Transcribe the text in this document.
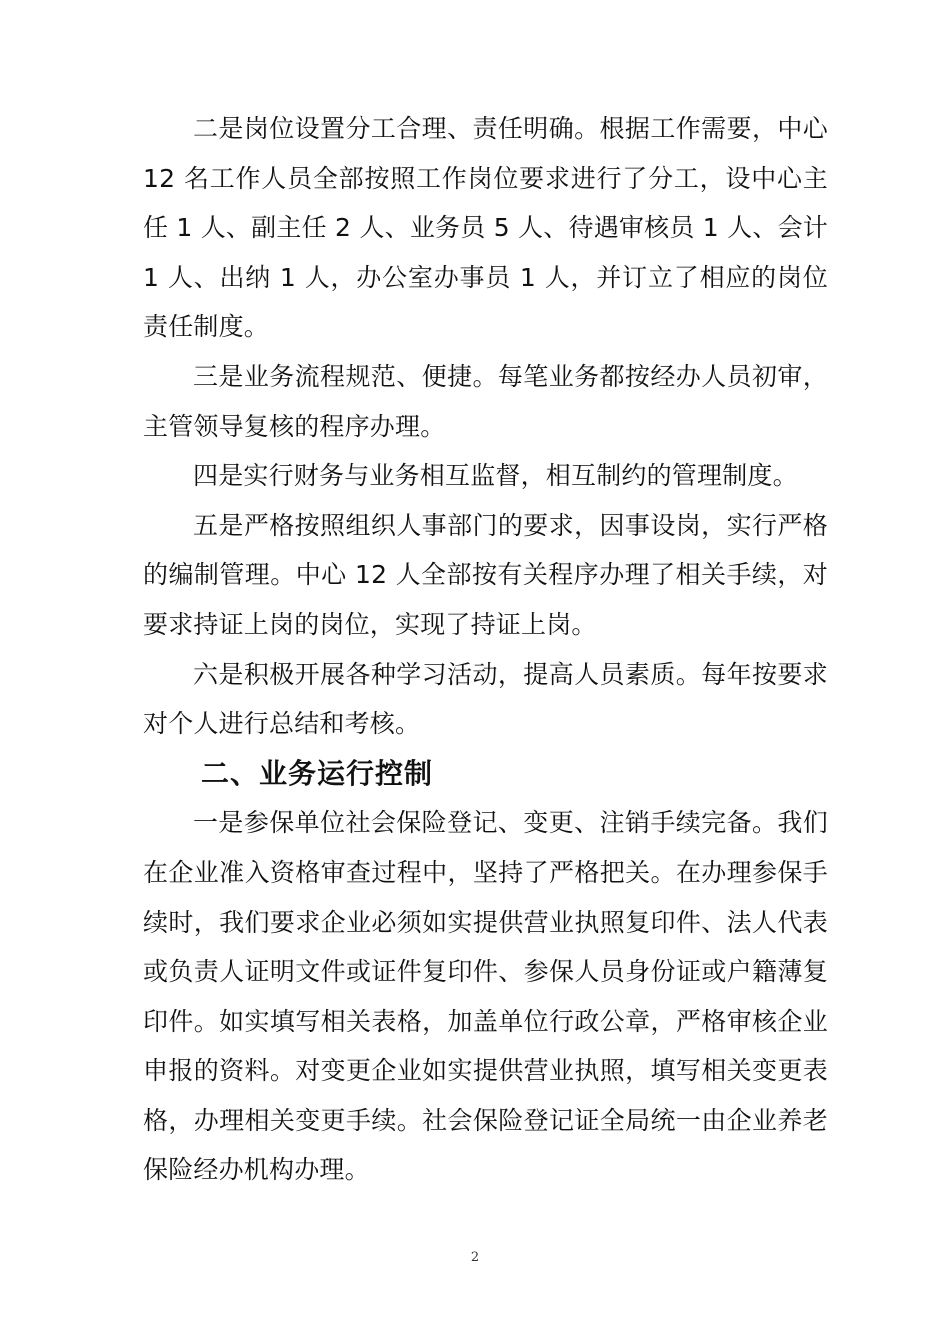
二是岗位设置分工合理、责任明确。根据工作需要，中心 12 名工作人员全部按照工作岗位要求进行了分工，设中心主任 1 人、副主任 2 人、业务员 5 人、待遇审核员 1 人、会计 1 人、出纳 1 人，办公室办事员 1 人，并订立了相应的岗位责任制度。

三是业务流程规范、便捷。每笔业务都按经办人员初审，主管领导复核的程序办理。

四是实行财务与业务相互监督，相互制约的管理制度。

五是严格按照组织人事部门的要求，因事设岗，实行严格的编制管理。中心 12 人全部按有关程序办理了相关手续，对要求持证上岗的岗位，实现了持证上岗。

六是积极开展各种学习活动，提高人员素质。每年按要求对个人进行总结和考核。

二、业务运行控制

一是参保单位社会保险登记、变更、注销手续完备。我们在企业准入资格审查过程中，坚持了严格把关。在办理参保手续时，我们要求企业必须如实提供营业执照复印件、法人代表或负责人证明文件或证件复印件、参保人员身份证或户籍薄复印件。如实填写相关表格，加盖单位行政公章，严格审核企业申报的资料。对变更企业如实提供营业执照，填写相关变更表格，办理相关变更手续。社会保险登记证全局统一由企业养老保险经办机构办理。

2
